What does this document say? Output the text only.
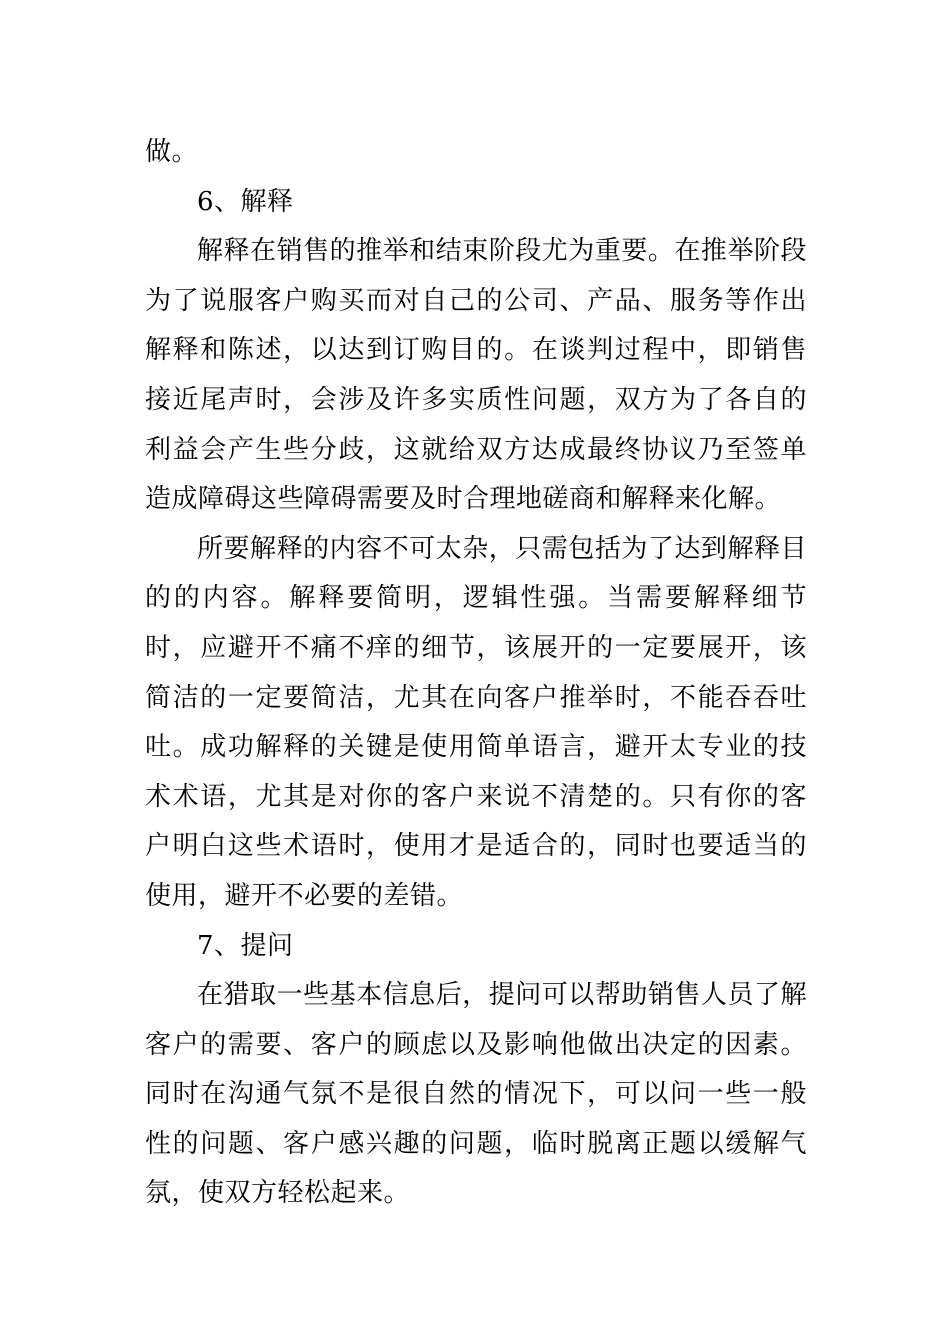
做。

6、解释

解释在销售的推举和结束阶段尤为重要。在推举阶段为了说服客户购买而对自己的公司、产品、服务等作出解释和陈述，以达到订购目的。在谈判过程中，即销售接近尾声时，会涉及许多实质性问题，双方为了各自的利益会产生些分歧，这就给双方达成最终协议乃至签单造成障碍这些障碍需要及时合理地磋商和解释来化解。

所要解释的内容不可太杂，只需包括为了达到解释目的的内容。解释要简明，逻辑性强。当需要解释细节时，应避开不痛不痒的细节，该展开的一定要展开，该简洁的一定要简洁，尤其在向客户推举时，不能吞吞吐吐。成功解释的关键是使用简单语言，避开太专业的技术术语，尤其是对你的客户来说不清楚的。只有你的客户明白这些术语时，使用才是适合的，同时也要适当的使用，避开不必要的差错。

7、提问

在猎取一些基本信息后，提问可以帮助销售人员了解客户的需要、客户的顾虑以及影响他做出决定的因素。同时在沟通气氛不是很自然的情况下，可以问一些一般性的问题、客户感兴趣的问题，临时脱离正题以缓解气氛，使双方轻松起来。
